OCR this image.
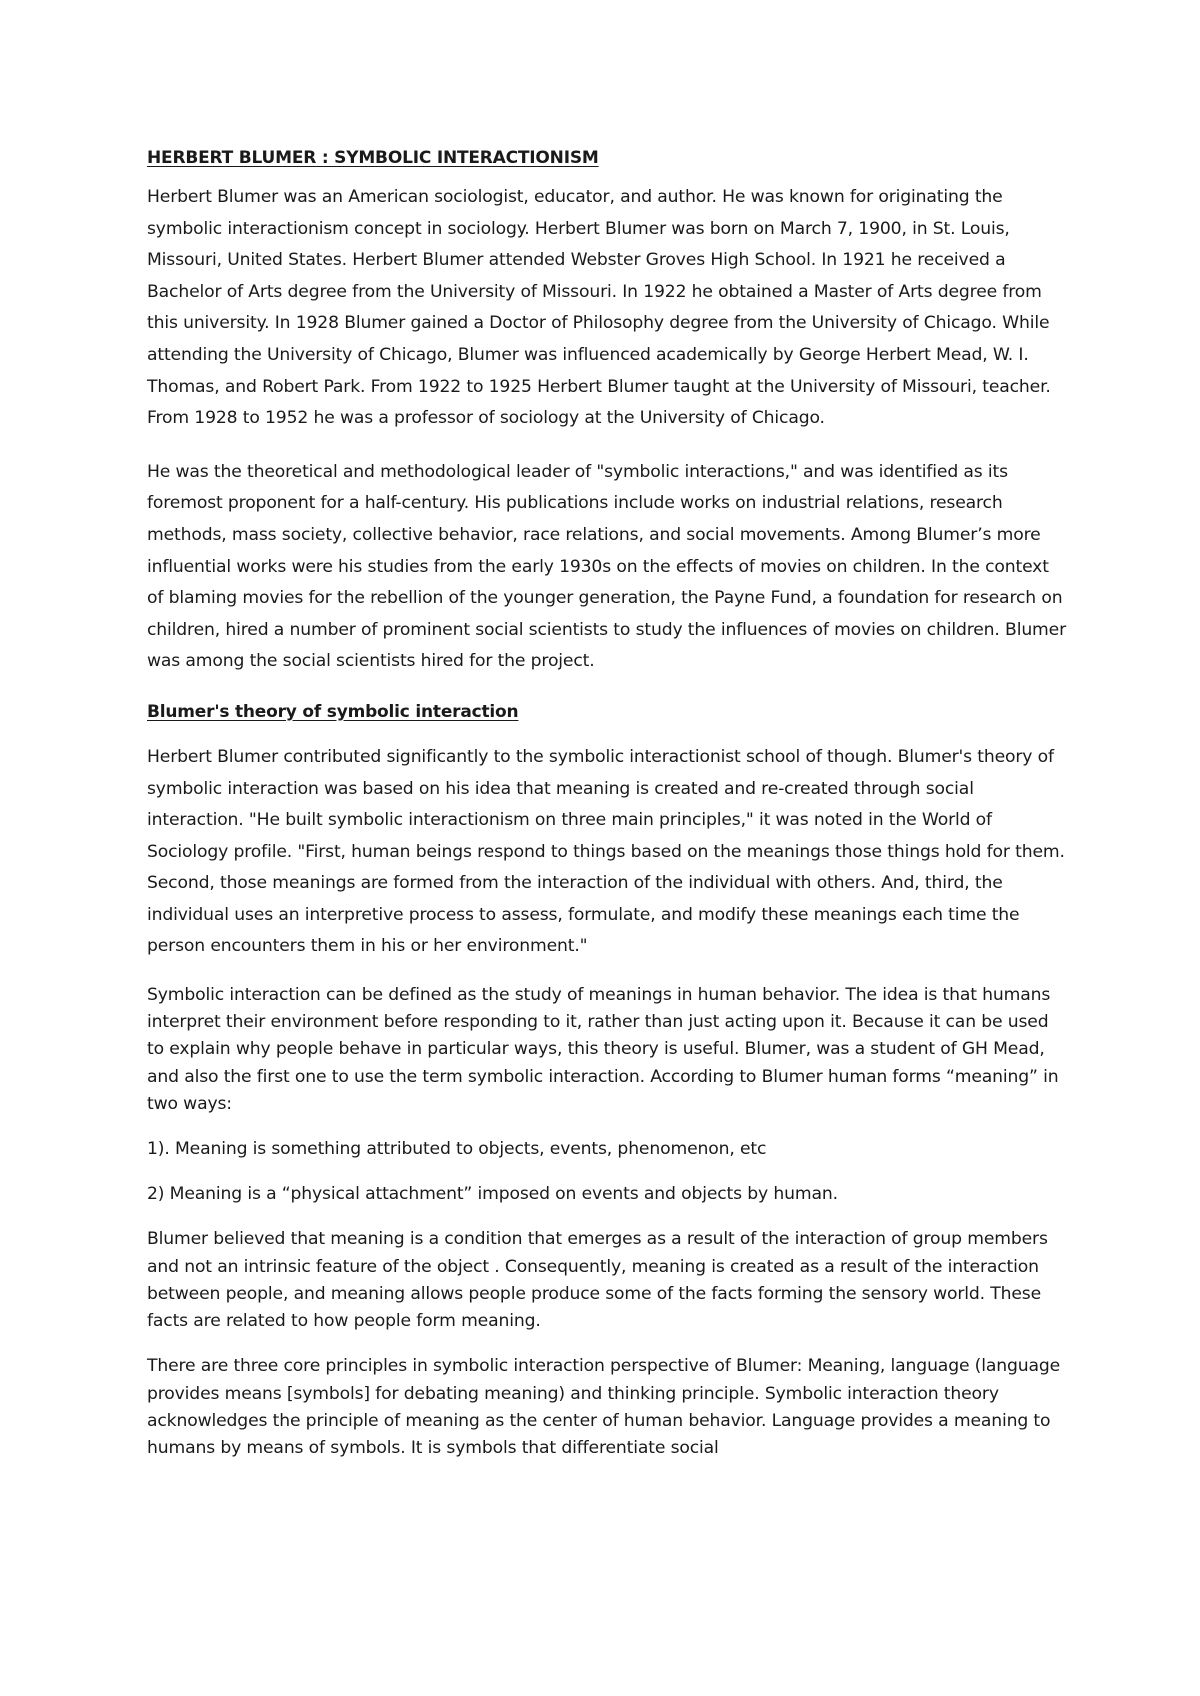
HERBERT BLUMER : SYMBOLIC INTERACTIONISM

Herbert Blumer was an American sociologist, educator, and author. He was known for originating the symbolic interactionism concept in sociology. Herbert Blumer was born on March 7, 1900, in St. Louis, Missouri, United States. Herbert Blumer attended Webster Groves High School. In 1921 he received a Bachelor of Arts degree from the University of Missouri. In 1922 he obtained a Master of Arts degree from this university. In 1928 Blumer gained a Doctor of Philosophy degree from the University of Chicago. While attending the University of Chicago, Blumer was influenced academically by George Herbert Mead, W. I. Thomas, and Robert Park. From 1922 to 1925 Herbert Blumer taught at the University of Missouri, teacher. From 1928 to 1952 he was a professor of sociology at the University of Chicago.

He was the theoretical and methodological leader of "symbolic interactions," and was identified as its foremost proponent for a half-century. His publications include works on industrial relations, research methods, mass society, collective behavior, race relations, and social movements. Among Blumer’s more influential works were his studies from the early 1930s on the effects of movies on children. In the context of blaming movies for the rebellion of the younger generation, the Payne Fund, a foundation for research on children, hired a number of prominent social scientists to study the influences of movies on children. Blumer was among the social scientists hired for the project.

Blumer's theory of symbolic interaction

Herbert Blumer contributed significantly to the symbolic interactionist school of though. Blumer's theory of symbolic interaction was based on his idea that meaning is created and re-created through social interaction. "He built symbolic interactionism on three main principles," it was noted in the World of Sociology profile. "First, human beings respond to things based on the meanings those things hold for them. Second, those meanings are formed from the interaction of the individual with others. And, third, the individual uses an interpretive process to assess, formulate, and modify these meanings each time the person encounters them in his or her environment."

Symbolic interaction can be defined as the study of meanings in human behavior. The idea is that humans interpret their environment before responding to it, rather than just acting upon it. Because it can be used to explain why people behave in particular ways, this theory is useful. Blumer, was a student of GH Mead, and also the first one to use the term symbolic interaction. According to Blumer human forms “meaning” in two ways:

1). Meaning is something attributed to objects, events, phenomenon, etc

2) Meaning is a “physical attachment” imposed on events and objects by human.

Blumer believed that meaning is a condition that emerges as a result of the interaction of group members and not an intrinsic feature of the object . Consequently, meaning is created as a result of the interaction between people, and meaning allows people produce some of the facts forming the sensory world. These facts are related to how people form meaning.

There are three core principles in symbolic interaction perspective of Blumer: Meaning, language (language provides means [symbols] for debating meaning) and thinking principle. Symbolic interaction theory acknowledges the principle of meaning as the center of human behavior. Language provides a meaning to humans by means of symbols. It is symbols that differentiate social
